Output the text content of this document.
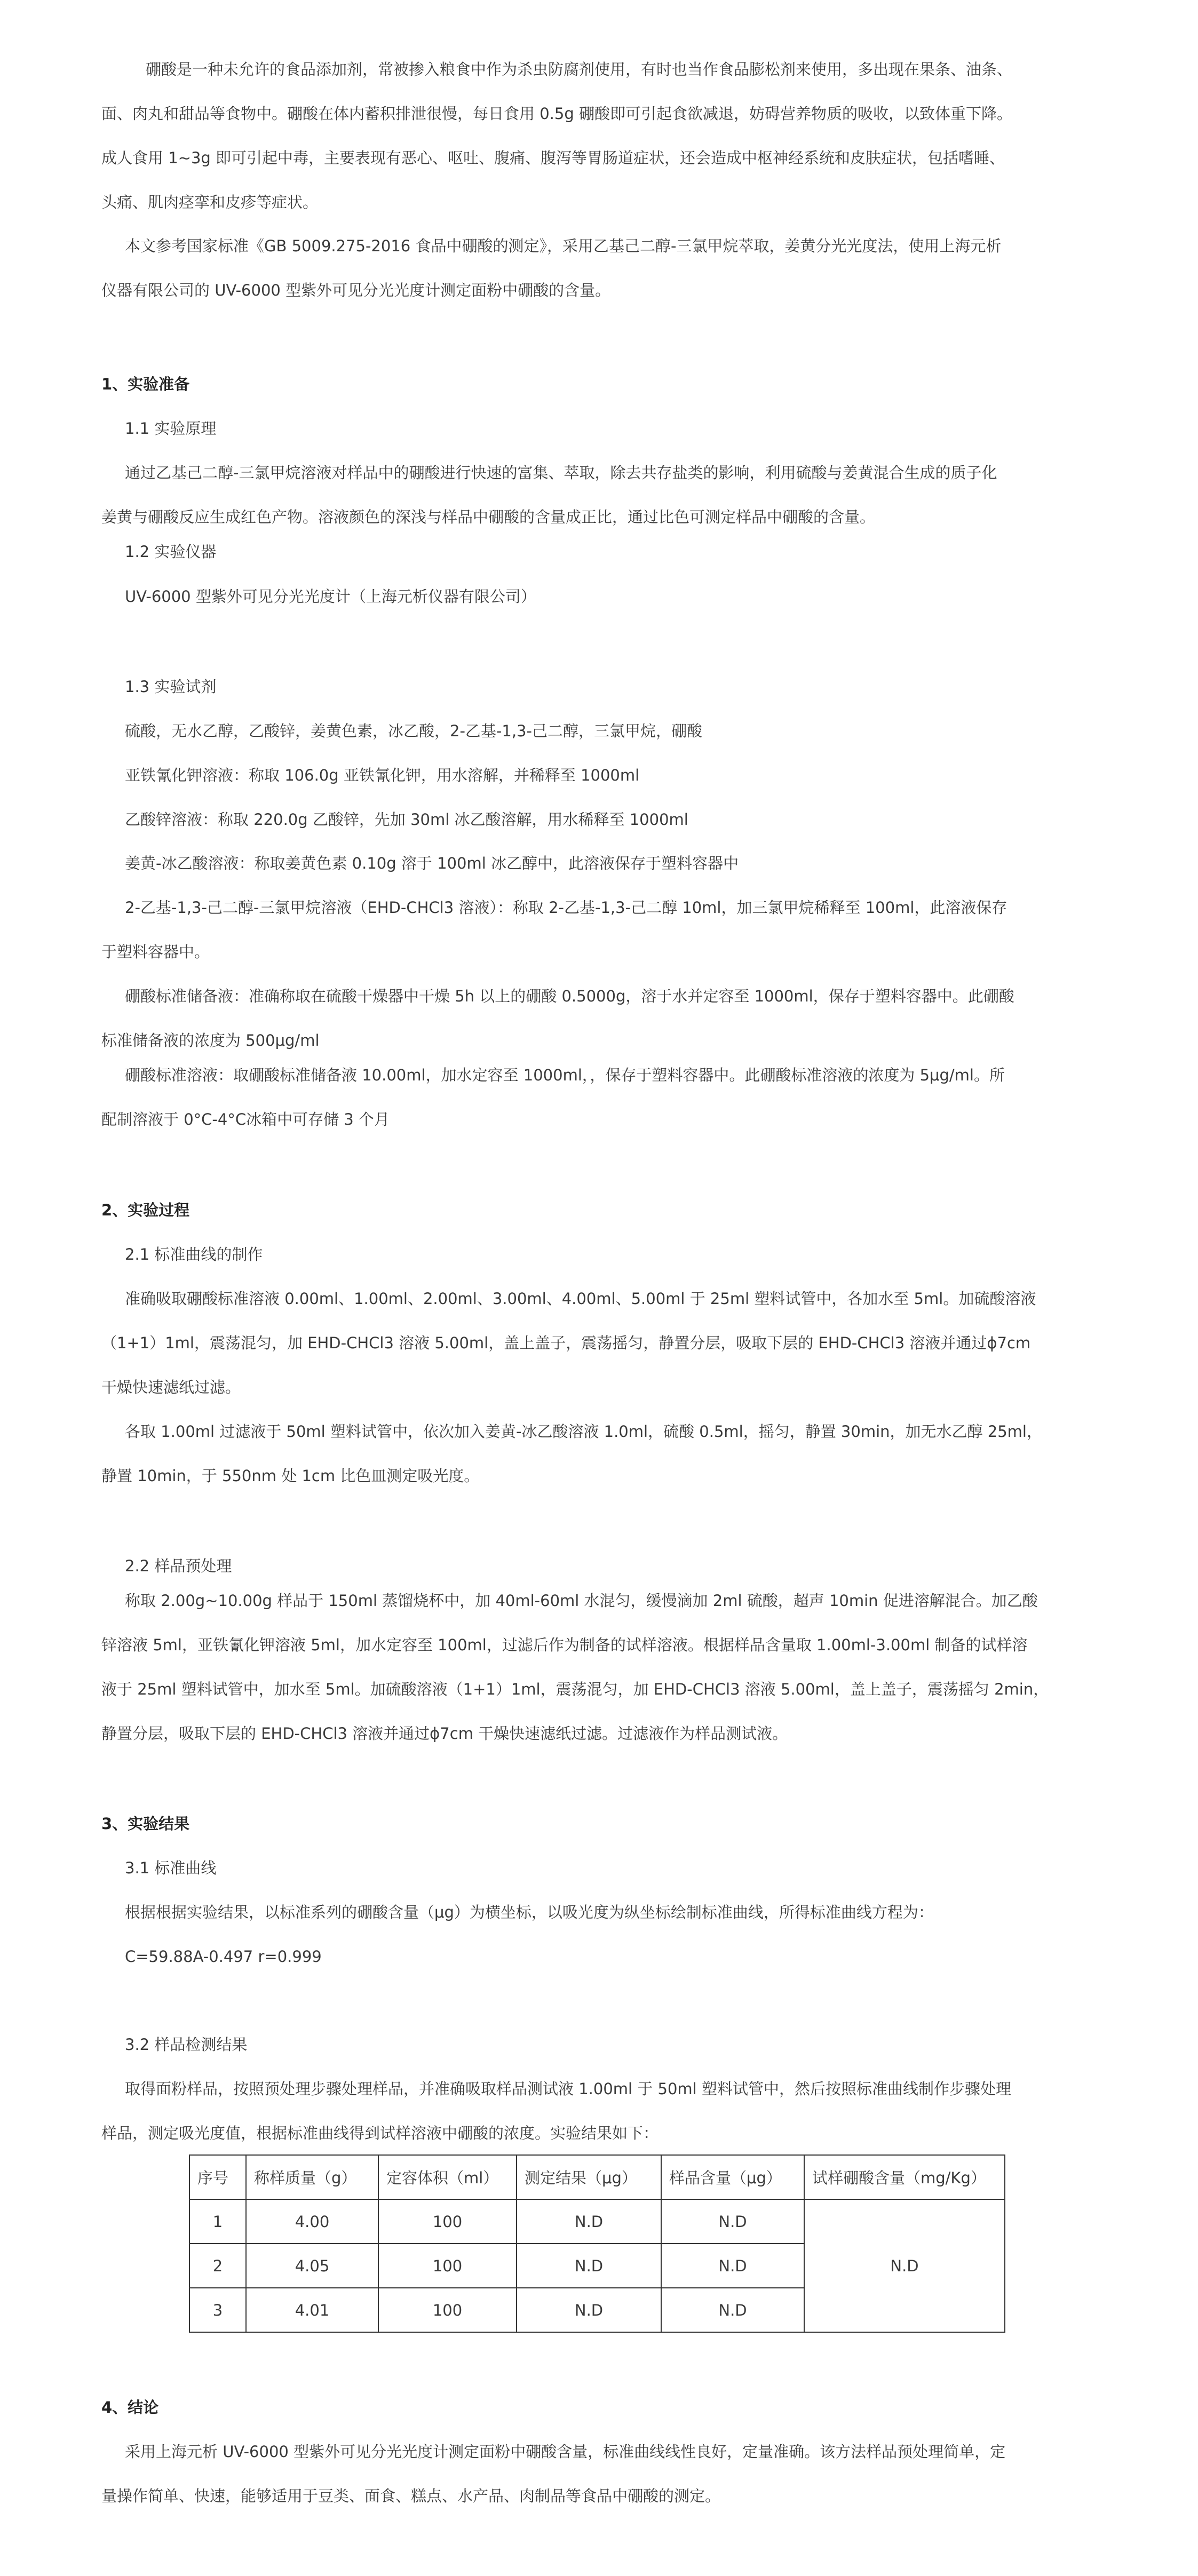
硼酸是一种未允许的食品添加剂，常被掺入粮食中作为杀虫防腐剂使用，有时也当作食品膨松剂来使用，多出现在果条、油条、
面、肉丸和甜品等食物中。硼酸在体内蓄积排泄很慢，每日食用 0.5g 硼酸即可引起食欲减退，妨碍营养物质的吸收，以致体重下降。
成人食用 1~3g 即可引起中毒，主要表现有恶心、呕吐、腹痛、腹泻等胃肠道症状，还会造成中枢神经系统和皮肤症状，包括嗜睡、
头痛、肌肉痉挛和皮疹等症状。
本文参考国家标准《GB 5009.275-2016 食品中硼酸的测定》，采用乙基己二醇-三氯甲烷萃取，姜黄分光光度法，使用上海元析
仪器有限公司的 UV-6000 型紫外可见分光光度计测定面粉中硼酸的含量。
1、实验准备
1.1 实验原理
通过乙基己二醇-三氯甲烷溶液对样品中的硼酸进行快速的富集、萃取，除去共存盐类的影响，利用硫酸与姜黄混合生成的质子化
姜黄与硼酸反应生成红色产物。溶液颜色的深浅与样品中硼酸的含量成正比，通过比色可测定样品中硼酸的含量。
1.2 实验仪器
UV-6000 型紫外可见分光光度计（上海元析仪器有限公司）
1.3 实验试剂
硫酸，无水乙醇，乙酸锌，姜黄色素，冰乙酸，2-乙基-1,3-己二醇，三氯甲烷，硼酸
亚铁氰化钾溶液：称取 106.0g 亚铁氰化钾，用水溶解，并稀释至 1000ml
乙酸锌溶液：称取 220.0g 乙酸锌，先加 30ml 冰乙酸溶解，用水稀释至 1000ml
姜黄-冰乙酸溶液：称取姜黄色素 0.10g 溶于 100ml 冰乙醇中，此溶液保存于塑料容器中
2-乙基-1,3-己二醇-三氯甲烷溶液（EHD-CHCl3 溶液）：称取 2-乙基-1,3-己二醇 10ml，加三氯甲烷稀释至 100ml，此溶液保存
于塑料容器中。
硼酸标准储备液：准确称取在硫酸干燥器中干燥 5h 以上的硼酸 0.5000g，溶于水并定容至 1000ml，保存于塑料容器中。此硼酸
标准储备液的浓度为 500μg/ml
硼酸标准溶液：取硼酸标准储备液 10.00ml，加水定容至 1000ml，，保存于塑料容器中。此硼酸标准溶液的浓度为 5μg/ml。所
配制溶液于 0°C-4°C冰箱中可存储 3 个月
2、实验过程
2.1 标准曲线的制作
准确吸取硼酸标准溶液 0.00ml、1.00ml、2.00ml、3.00ml、4.00ml、5.00ml 于 25ml 塑料试管中，各加水至 5ml。加硫酸溶液
（1+1）1ml，震荡混匀，加 EHD-CHCl3 溶液 5.00ml，盖上盖子，震荡摇匀，静置分层，吸取下层的 EHD-CHCl3 溶液并通过ϕ7cm
干燥快速滤纸过滤。
各取 1.00ml 过滤液于 50ml 塑料试管中，依次加入姜黄-冰乙酸溶液 1.0ml，硫酸 0.5ml，摇匀，静置 30min，加无水乙醇 25ml，
静置 10min，于 550nm 处 1cm 比色皿测定吸光度。
2.2 样品预处理
称取 2.00g~10.00g 样品于 150ml 蒸馏烧杯中，加 40ml-60ml 水混匀，缓慢滴加 2ml 硫酸，超声 10min 促进溶解混合。加乙酸
锌溶液 5ml，亚铁氰化钾溶液 5ml，加水定容至 100ml，过滤后作为制备的试样溶液。根据样品含量取 1.00ml-3.00ml 制备的试样溶
液于 25ml 塑料试管中，加水至 5ml。加硫酸溶液（1+1）1ml，震荡混匀，加 EHD-CHCl3 溶液 5.00ml，盖上盖子，震荡摇匀 2min，
静置分层，吸取下层的 EHD-CHCl3 溶液并通过ϕ7cm 干燥快速滤纸过滤。过滤液作为样品测试液。
3、实验结果
3.1 标准曲线
根据根据实验结果，以标准系列的硼酸含量（μg）为横坐标，以吸光度为纵坐标绘制标准曲线，所得标准曲线方程为：
C=59.88A-0.497 r=0.999
3.2 样品检测结果
取得面粉样品，按照预处理步骤处理样品，并准确吸取样品测试液 1.00ml 于 50ml 塑料试管中，然后按照标准曲线制作步骤处理
样品，测定吸光度值，根据标准曲线得到试样溶液中硼酸的浓度。实验结果如下：
序号	称样质量（g）	定容体积（ml）	测定结果（μg）	样品含量（μg）	试样硼酸含量（mg/Kg）
1	4.00	100	N.D	N.D	N.D
2	4.05	100	N.D	N.D	
3	4.01	100	N.D	N.D	
4、结论
采用上海元析 UV-6000 型紫外可见分光光度计测定面粉中硼酸含量，标准曲线线性良好，定量准确。该方法样品预处理简单，定
量操作简单、快速，能够适用于豆类、面食、糕点、水产品、肉制品等食品中硼酸的测定。
